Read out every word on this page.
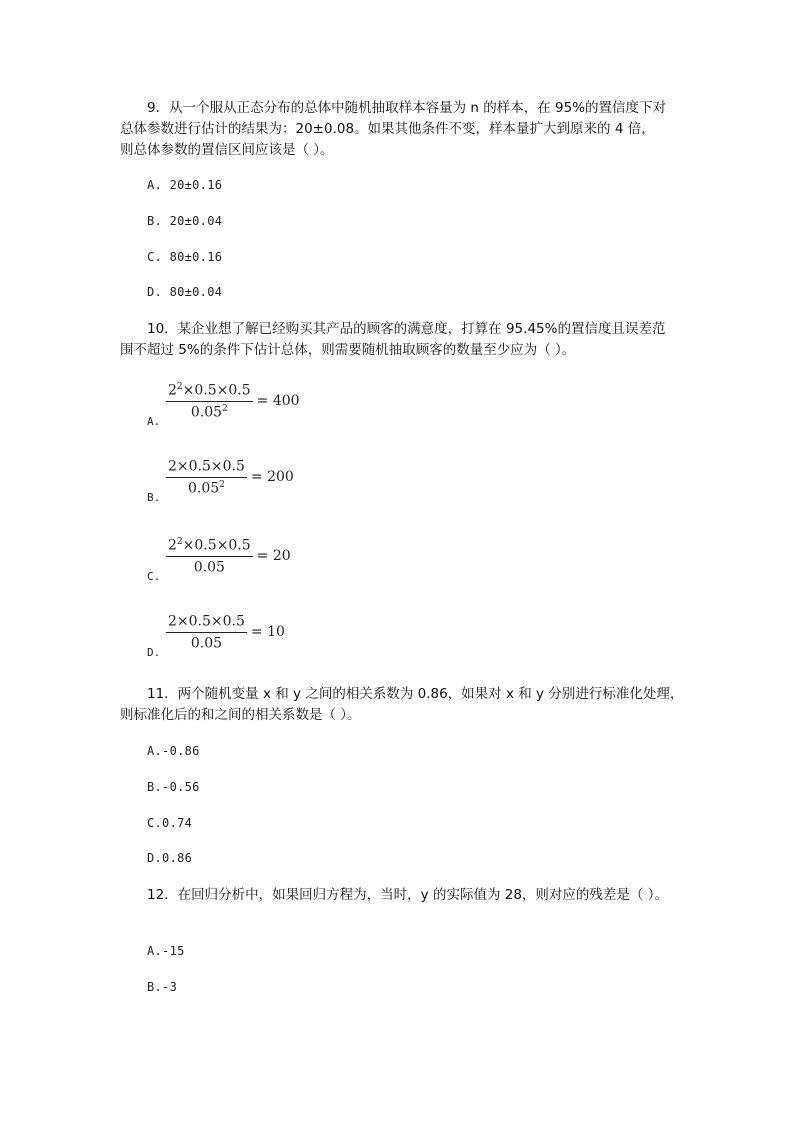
9．从一个服从正态分布的总体中随机抽取样本容量为 n 的样本，在 95%的置信度下对
总体参数进行估计的结果为：20±0.08。如果其他条件不变，样本量扩大到原来的 4 倍，
则总体参数的置信区间应该是（ ）。
A. 20±0.16
B. 20±0.04
C. 80±0.16
D. 80±0.04
10．某企业想了解已经购买其产品的顾客的满意度，打算在 95.45%的置信度且误差范
围不超过 5%的条件下估计总体，则需要随机抽取顾客的数量至少应为（ ）。
A.
$\frac{2^2\times 0.5\times 0.5}{0.05^2} = 400$
B.
$\frac{2\times 0.5\times 0.5}{0.05^2} = 200$
C.
$\frac{2^2\times 0.5\times 0.5}{0.05} = 20$
D.
$\frac{2\times 0.5\times 0.5}{0.05} = 10$
11．两个随机变量 x 和 y 之间的相关系数为 0.86，如果对 x 和 y 分别进行标准化处理，
则标准化后的和之间的相关系数是（ ）。
A.-0.86
B.-0.56
C.0.74
D.0.86
12．在回归分析中，如果回归方程为，当时，y 的实际值为 28，则对应的残差是（ ）。
A.-15
B.-3
